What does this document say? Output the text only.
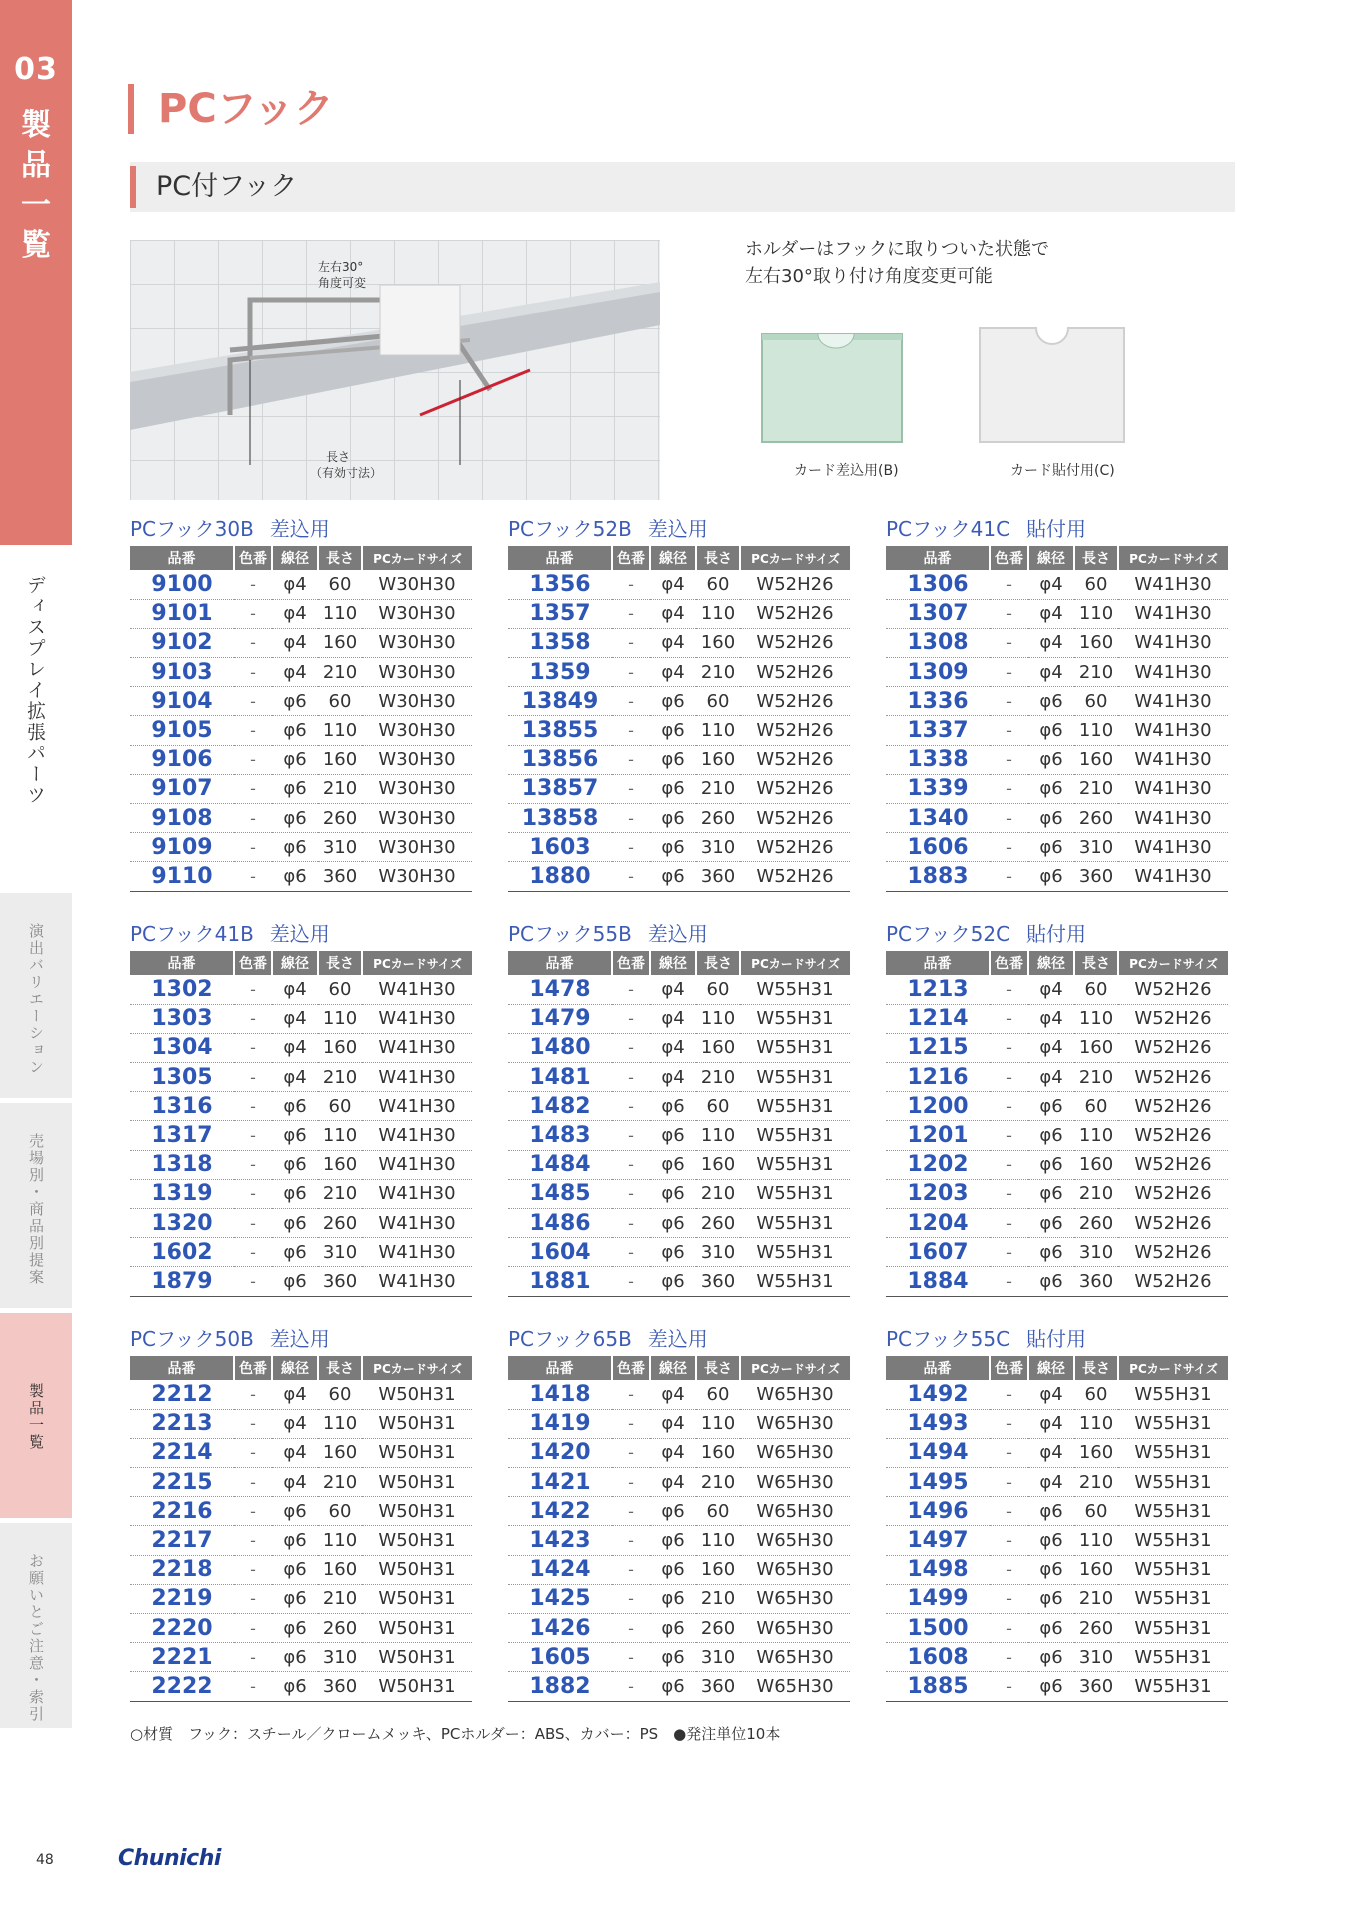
03
製品一覧
ディスプレイ拡張パーツ
演出バリエーション
売場別・商品別提案
製品一覧
お願いとご注意・索引
PCフック
PC付フック
左右30°
角度可変
長さ
（有効寸法）
ホルダーはフックに取りついた状態で
左右30°取り付け角度変更可能
カード差込用(B)	カード貼付用(C)
PCフック30B 差込用
品番	色番	線径	長さ	PCカードサイズ
9100	-	φ4	60	W30H30
9101	-	φ4	110	W30H30
9102	-	φ4	160	W30H30
9103	-	φ4	210	W30H30
9104	-	φ6	60	W30H30
9105	-	φ6	110	W30H30
9106	-	φ6	160	W30H30
9107	-	φ6	210	W30H30
9108	-	φ6	260	W30H30
9109	-	φ6	310	W30H30
9110	-	φ6	360	W30H30
PCフック52B 差込用
品番	色番	線径	長さ	PCカードサイズ
1356	-	φ4	60	W52H26
1357	-	φ4	110	W52H26
1358	-	φ4	160	W52H26
1359	-	φ4	210	W52H26
13849	-	φ6	60	W52H26
13855	-	φ6	110	W52H26
13856	-	φ6	160	W52H26
13857	-	φ6	210	W52H26
13858	-	φ6	260	W52H26
1603	-	φ6	310	W52H26
1880	-	φ6	360	W52H26
PCフック41C 貼付用
品番	色番	線径	長さ	PCカードサイズ
1306	-	φ4	60	W41H30
1307	-	φ4	110	W41H30
1308	-	φ4	160	W41H30
1309	-	φ4	210	W41H30
1336	-	φ6	60	W41H30
1337	-	φ6	110	W41H30
1338	-	φ6	160	W41H30
1339	-	φ6	210	W41H30
1340	-	φ6	260	W41H30
1606	-	φ6	310	W41H30
1883	-	φ6	360	W41H30
PCフック41B 差込用
品番	色番	線径	長さ	PCカードサイズ
1302	-	φ4	60	W41H30
1303	-	φ4	110	W41H30
1304	-	φ4	160	W41H30
1305	-	φ4	210	W41H30
1316	-	φ6	60	W41H30
1317	-	φ6	110	W41H30
1318	-	φ6	160	W41H30
1319	-	φ6	210	W41H30
1320	-	φ6	260	W41H30
1602	-	φ6	310	W41H30
1879	-	φ6	360	W41H30
PCフック55B 差込用
品番	色番	線径	長さ	PCカードサイズ
1478	-	φ4	60	W55H31
1479	-	φ4	110	W55H31
1480	-	φ4	160	W55H31
1481	-	φ4	210	W55H31
1482	-	φ6	60	W55H31
1483	-	φ6	110	W55H31
1484	-	φ6	160	W55H31
1485	-	φ6	210	W55H31
1486	-	φ6	260	W55H31
1604	-	φ6	310	W55H31
1881	-	φ6	360	W55H31
PCフック52C 貼付用
品番	色番	線径	長さ	PCカードサイズ
1213	-	φ4	60	W52H26
1214	-	φ4	110	W52H26
1215	-	φ4	160	W52H26
1216	-	φ4	210	W52H26
1200	-	φ6	60	W52H26
1201	-	φ6	110	W52H26
1202	-	φ6	160	W52H26
1203	-	φ6	210	W52H26
1204	-	φ6	260	W52H26
1607	-	φ6	310	W52H26
1884	-	φ6	360	W52H26
PCフック50B 差込用
品番	色番	線径	長さ	PCカードサイズ
2212	-	φ4	60	W50H31
2213	-	φ4	110	W50H31
2214	-	φ4	160	W50H31
2215	-	φ4	210	W50H31
2216	-	φ6	60	W50H31
2217	-	φ6	110	W50H31
2218	-	φ6	160	W50H31
2219	-	φ6	210	W50H31
2220	-	φ6	260	W50H31
2221	-	φ6	310	W50H31
2222	-	φ6	360	W50H31
PCフック65B 差込用
品番	色番	線径	長さ	PCカードサイズ
1418	-	φ4	60	W65H30
1419	-	φ4	110	W65H30
1420	-	φ4	160	W65H30
1421	-	φ4	210	W65H30
1422	-	φ6	60	W65H30
1423	-	φ6	110	W65H30
1424	-	φ6	160	W65H30
1425	-	φ6	210	W65H30
1426	-	φ6	260	W65H30
1605	-	φ6	310	W65H30
1882	-	φ6	360	W65H30
PCフック55C 貼付用
品番	色番	線径	長さ	PCカードサイズ
1492	-	φ4	60	W55H31
1493	-	φ4	110	W55H31
1494	-	φ4	160	W55H31
1495	-	φ4	210	W55H31
1496	-	φ6	60	W55H31
1497	-	φ6	110	W55H31
1498	-	φ6	160	W55H31
1499	-	φ6	210	W55H31
1500	-	φ6	260	W55H31
1608	-	φ6	310	W55H31
1885	-	φ6	360	W55H31
○材質　フック：スチール／クロームメッキ、PCホルダー：ABS、カバー：PS　●発注単位10本
48	Chunichi
